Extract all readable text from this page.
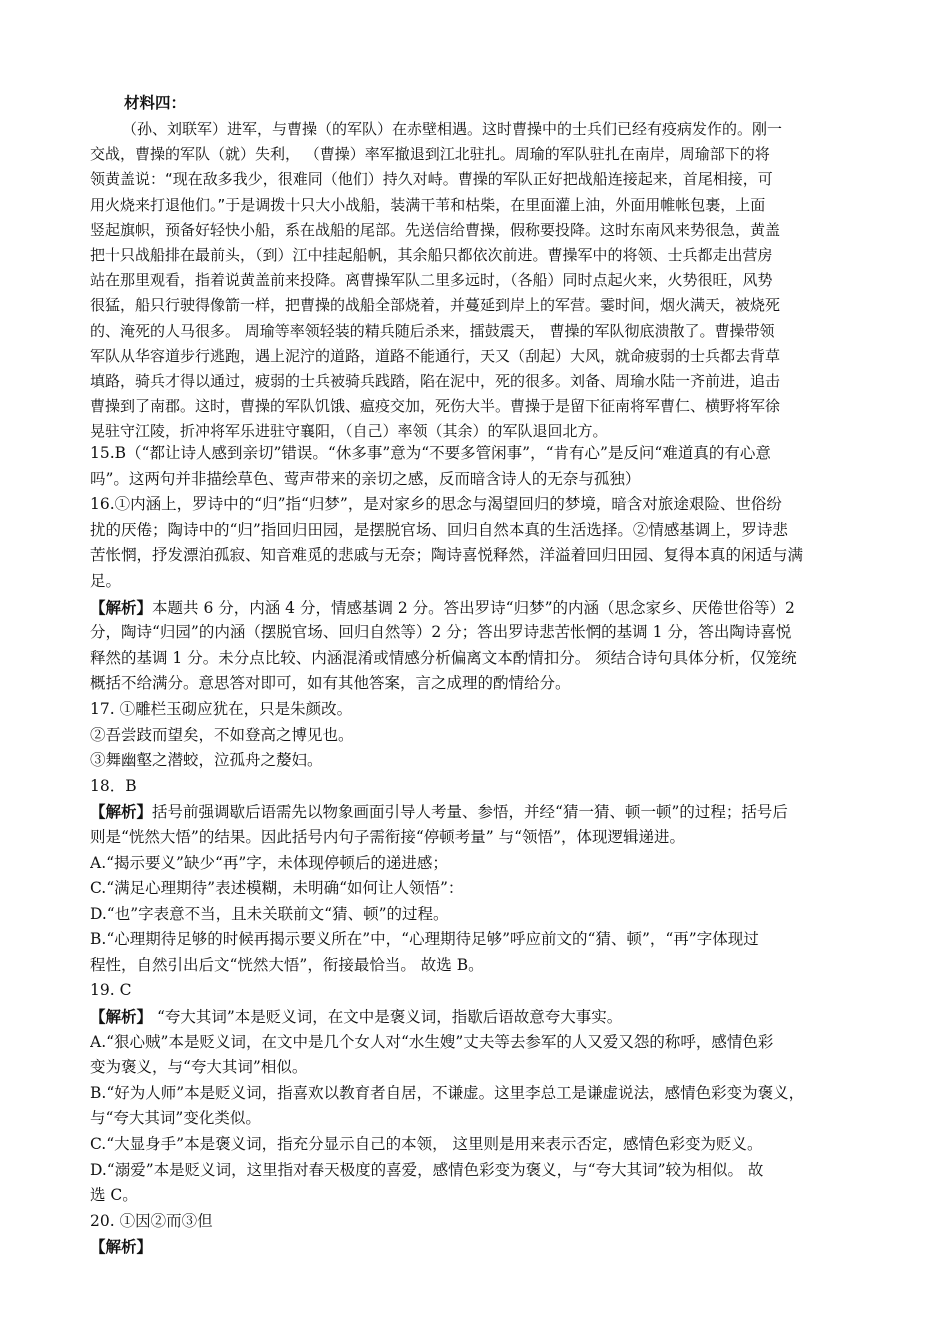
材料四：
（孙、刘联军）进军，与曹操（的军队）在赤壁相遇。这时曹操中的士兵们已经有疫病发作的。刚一
交战，曹操的军队（就）失利， （曹操）率军撤退到江北驻扎。周瑜的军队驻扎在南岸，周瑜部下的将
领黄盖说：“现在敌多我少，很难同（他们）持久对峙。曹操的军队正好把战船连接起来，首尾相接，可
用火烧来打退他们。”于是调拨十只大小战船，装满干苇和枯柴，在里面灌上油，外面用帷帐包裹，上面
竖起旗帜，预备好轻快小船，系在战船的尾部。先送信给曹操，假称要投降。这时东南风来势很急，黄盖
把十只战船排在最前头，（到）江中挂起船帆，其余船只都依次前进。曹操军中的将领、士兵都走出营房
站在那里观看，指着说黄盖前来投降。离曹操军队二里多远时，（各船）同时点起火来，火势很旺，风势
很猛，船只行驶得像箭一样，把曹操的战船全部烧着，并蔓延到岸上的军营。霎时间，烟火满天，被烧死
的、淹死的人马很多。 周瑜等率领轻装的精兵随后杀来，擂鼓震天， 曹操的军队彻底溃散了。曹操带领
军队从华容道步行逃跑，遇上泥泞的道路，道路不能通行，天又（刮起）大风，就命疲弱的士兵都去背草
填路，骑兵才得以通过，疲弱的士兵被骑兵践踏，陷在泥中，死的很多。刘备、周瑜水陆一齐前进，追击
曹操到了南郡。这时，曹操的军队饥饿、瘟疫交加，死伤大半。曹操于是留下征南将军曹仁、横野将军徐
晃驻守江陵，折冲将军乐进驻守襄阳，（自己）率领（其余）的军队退回北方。
15.B（“都让诗人感到亲切”错误。“休多事”意为“不要多管闲事”，“肯有心”是反问“难道真的有心意
吗”。这两句并非描绘草色、莺声带来的亲切之感，反而暗含诗人的无奈与孤独）
16.①内涵上，罗诗中的“归”指“归梦”，是对家乡的思念与渴望回归的梦境，暗含对旅途艰险、世俗纷
扰的厌倦；陶诗中的“归”指回归田园，是摆脱官场、回归自然本真的生活选择。②情感基调上，罗诗悲
苦怅惘，抒发漂泊孤寂、知音难觅的悲戚与无奈；陶诗喜悦释然，洋溢着回归田园、复得本真的闲适与满
足。
【解析】本题共 6 分，内涵 4 分，情感基调 2 分。答出罗诗“归梦”的内涵（思念家乡、厌倦世俗等）2
分，陶诗“归园”的内涵（摆脱官场、回归自然等）2 分；答出罗诗悲苦怅惘的基调 1 分，答出陶诗喜悦
释然的基调 1 分。未分点比较、内涵混淆或情感分析偏离文本酌情扣分。 须结合诗句具体分析，仅笼统
概括不给满分。意思答对即可，如有其他答案，言之成理的酌情给分。
17. ①雕栏玉砌应犹在，只是朱颜改。
②吾尝跂而望矣，不如登高之博见也。
③舞幽壑之潜蛟，泣孤舟之嫠妇。
18．B
【解析】括号前强调歇后语需先以物象画面引导人考量、参悟，并经“猜一猜、顿一顿”的过程；括号后
则是“恍然大悟”的结果。因此括号内句子需衔接“停顿考量” 与“领悟”，体现逻辑递进。
A.“揭示要义”缺少“再”字，未体现停顿后的递进感；
C.“满足心理期待”表述模糊，未明确“如何让人领悟”：
D.“也”字表意不当，且未关联前文“猜、顿”的过程。
B.“心理期待足够的时候再揭示要义所在”中，“心理期待足够”呼应前文的“猜、顿”，“再”字体现过
程性，自然引出后文“恍然大悟”，衔接最恰当。 故选 B。
19. C
【解析】 “夸大其词”本是贬义词，在文中是褒义词，指歇后语故意夸大事实。
A.“狠心贼”本是贬义词，在文中是几个女人对“水生嫂”丈夫等去参军的人又爱又怨的称呼，感情色彩
变为褒义，与“夸大其词”相似。
B.“好为人师”本是贬义词，指喜欢以教育者自居，不谦虚。这里李总工是谦虚说法，感情色彩变为褒义，
与“夸大其词”变化类似。
C.“大显身手”本是褒义词，指充分显示自己的本领， 这里则是用来表示否定，感情色彩变为贬义。
D.“溺爱”本是贬义词，这里指对春天极度的喜爱，感情色彩变为褒义，与“夸大其词”较为相似。 故
选 C。
20. ①因②而③但
【解析】
